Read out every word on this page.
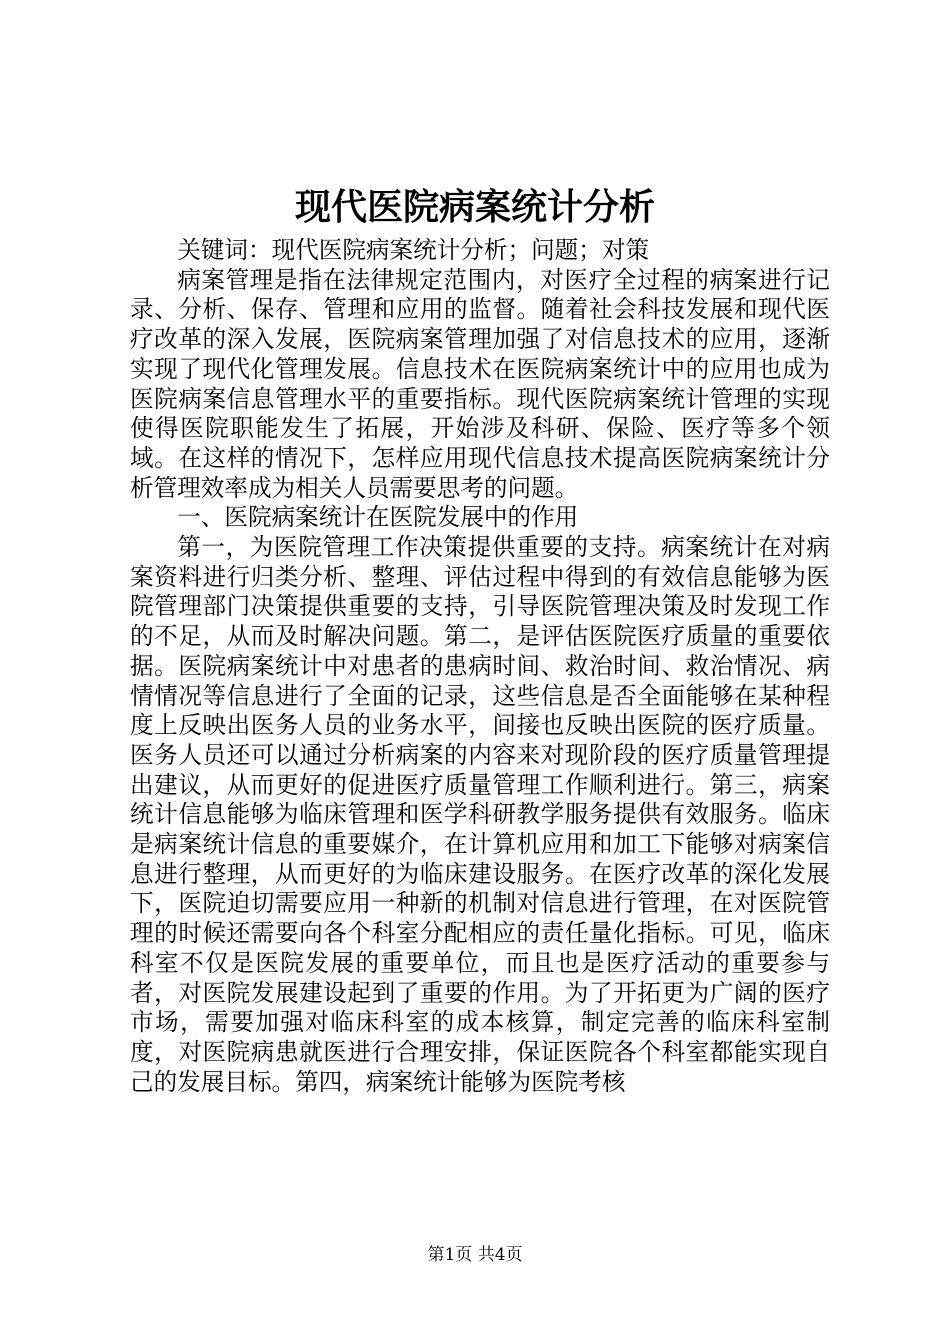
现代医院病案统计分析

关键词：现代医院病案统计分析；问题；对策

病案管理是指在法律规定范围内，对医疗全过程的病案进行记录、分析、保存、管理和应用的监督。随着社会科技发展和现代医疗改革的深入发展，医院病案管理加强了对信息技术的应用，逐渐实现了现代化管理发展。信息技术在医院病案统计中的应用也成为医院病案信息管理水平的重要指标。现代医院病案统计管理的实现使得医院职能发生了拓展，开始涉及科研、保险、医疗等多个领域。在这样的情况下，怎样应用现代信息技术提高医院病案统计分析管理效率成为相关人员需要思考的问题。

一、医院病案统计在医院发展中的作用

第一，为医院管理工作决策提供重要的支持。病案统计在对病案资料进行归类分析、整理、评估过程中得到的有效信息能够为医院管理部门决策提供重要的支持，引导医院管理决策及时发现工作的不足，从而及时解决问题。第二，是评估医院医疗质量的重要依据。医院病案统计中对患者的患病时间、救治时间、救治情况、病情情况等信息进行了全面的记录，这些信息是否全面能够在某种程度上反映出医务人员的业务水平，间接也反映出医院的医疗质量。医务人员还可以通过分析病案的内容来对现阶段的医疗质量管理提出建议，从而更好的促进医疗质量管理工作顺利进行。第三，病案统计信息能够为临床管理和医学科研教学服务提供有效服务。临床是病案统计信息的重要媒介，在计算机应用和加工下能够对病案信息进行整理，从而更好的为临床建设服务。在医疗改革的深化发展下，医院迫切需要应用一种新的机制对信息进行管理，在对医院管理的时候还需要向各个科室分配相应的责任量化指标。可见，临床科室不仅是医院发展的重要单位，而且也是医疗活动的重要参与者，对医院发展建设起到了重要的作用。为了开拓更为广阔的医疗市场，需要加强对临床科室的成本核算，制定完善的临床科室制度，对医院病患就医进行合理安排，保证医院各个科室都能实现自己的发展目标。第四，病案统计能够为医院考核

第1页 共4页
